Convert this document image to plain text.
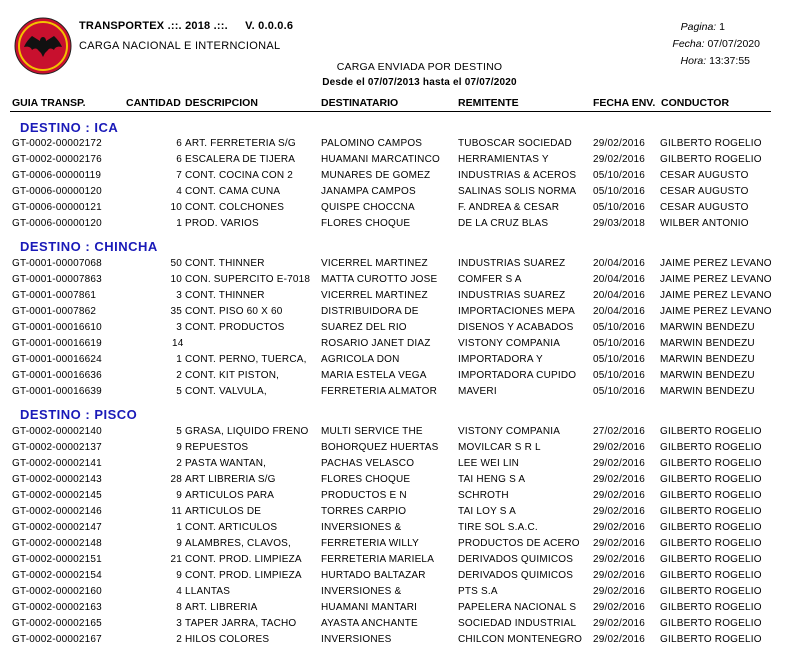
TRANSPORTEX .::. 2018 .::. V. 0.0.0.6
CARGA NACIONAL E INTERNCIONAL
Pagina: 1
Fecha: 07/07/2020
Hora: 13:37:55
CARGA ENVIADA POR DESTINO
Desde el 07/07/2013 hasta el 07/07/2020
GUIA TRANSP.	CANTIDAD DESCRIPCION	DESTINATARIO	REMITENTE	FECHA ENV. CONDUCTOR
DESTINO : ICA
GT-0002-00002172	6 ART. FERRETERIA S/G	PALOMINO CAMPOS	TUBOSCAR SOCIEDAD	29/02/2016	GILBERTO ROGELIO
GT-0002-00002176	6 ESCALERA DE TIJERA	HUAMANI MARCATINCO	HERRAMIENTAS Y	29/02/2016	GILBERTO ROGELIO
GT-0006-00000119	7 CONT. COCINA CON 2	MUNARES DE GOMEZ	INDUSTRIAS & ACEROS	05/10/2016	CESAR AUGUSTO
GT-0006-00000120	4 CONT. CAMA CUNA	JANAMPA CAMPOS	SALINAS SOLIS NORMA	05/10/2016	CESAR AUGUSTO
GT-0006-00000121	10 CONT. COLCHONES	QUISPE CHOCCÑA	F. ANDREA & CESAR	05/10/2016	CESAR AUGUSTO
GT-0006-00000120	1 PROD. VARIOS	FLORES CHOQUE	DE LA CRUZ BLAS	29/03/2018	WILBER ANTONIO
DESTINO : CHINCHA
GT-0001-00007068	50 CONT. THINNER	VICERREL MARTINEZ	INDUSTRIAS SUAREZ	20/04/2016	JAIME PEREZ LEVANO
GT-0001-00007863	10 CON. SUPERCITO E-7018	MATTA CUROTTO JOSE	COMFER S A	20/04/2016	JAIME PEREZ LEVANO
GT-0001-0007861	3 CONT. THINNER	VICERREL MARTINEZ	INDUSTRIAS SUAREZ	20/04/2016	JAIME PEREZ LEVANO
GT-0001-0007862	35 CONT. PISO 60 X 60	DISTRIBUIDORA DE	IMPORTACIONES MEPA	20/04/2016	JAIME PEREZ LEVANO
GT-0001-00016610	3 CONT. PRODUCTOS	SUAREZ DEL RIO	DISEÑOS Y ACABADOS	05/10/2016	MARWIN BENDEZU
GT-0001-00016619	14	ROSARIO JANET DIAZ	VISTONY COMPAÑIA	05/10/2016	MARWIN BENDEZU
GT-0001-00016624	1 CONT. PERNO, TUERCA,	AGRICOLA DON	IMPORTADORA Y	05/10/2016	MARWIN BENDEZU
GT-0001-00016636	2 CONT. KIT PISTON,	MARIA ESTELA VEGA	IMPORTADORA CUPIDO	05/10/2016	MARWIN BENDEZU
GT-0001-00016639	5 CONT. VALVULA,	FERRETERIA ALMATOR	MAVERI	05/10/2016	MARWIN BENDEZU
DESTINO : PISCO
GT-0002-00002140	5 GRASA, LIQUIDO FRENO	MULTI SERVICE THE	VISTONY COMPAÑIA	27/02/2016	GILBERTO ROGELIO
GT-0002-00002137	9 REPUESTOS	BOHORQUEZ HUERTAS	MOVILCAR S R L	29/02/2016	GILBERTO ROGELIO
GT-0002-00002141	2 PASTA WANTAN,	PACHAS VELASCO	LEE WEI LIN	29/02/2016	GILBERTO ROGELIO
GT-0002-00002143	28 ART LIBRERIA S/G	FLORES CHOQUE	TAI HENG S A	29/02/2016	GILBERTO ROGELIO
GT-0002-00002145	9 ARTICULOS PARA	PRODUCTOS E N	SCHROTH	29/02/2016	GILBERTO ROGELIO
GT-0002-00002146	11 ARTICULOS DE	TORRES CARPIO	TAI LOY S A	29/02/2016	GILBERTO ROGELIO
GT-0002-00002147	1 CONT. ARTICULOS	INVERSIONES &	TIRE SOL S.A.C.	29/02/2016	GILBERTO ROGELIO
GT-0002-00002148	9 ALAMBRES, CLAVOS,	FERRETERIA WILLY	PRODUCTOS DE ACERO	29/02/2016	GILBERTO ROGELIO
GT-0002-00002151	21 CONT. PROD. LIMPIEZA	FERRETERIA MARIELA	DERIVADOS QUIMICOS	29/02/2016	GILBERTO ROGELIO
GT-0002-00002154	9 CONT. PROD. LIMPIEZA	HURTADO BALTAZAR	DERIVADOS QUIMICOS	29/02/2016	GILBERTO ROGELIO
GT-0002-00002160	4 LLANTAS	INVERSIONES &	PTS S.A	29/02/2016	GILBERTO ROGELIO
GT-0002-00002163	8 ART. LIBRERIA	HUAMANI MANTARI	PAPELERA NACIONAL S	29/02/2016	GILBERTO ROGELIO
GT-0002-00002165	3 TAPER JARRA, TACHO	AYASTA ANCHANTE	SOCIEDAD INDUSTRIAL	29/02/2016	GILBERTO ROGELIO
GT-0002-00002167	2 HILOS COLORES	INVERSIONES	CHILCON MONTENEGRO	29/02/2016	GILBERTO ROGELIO
